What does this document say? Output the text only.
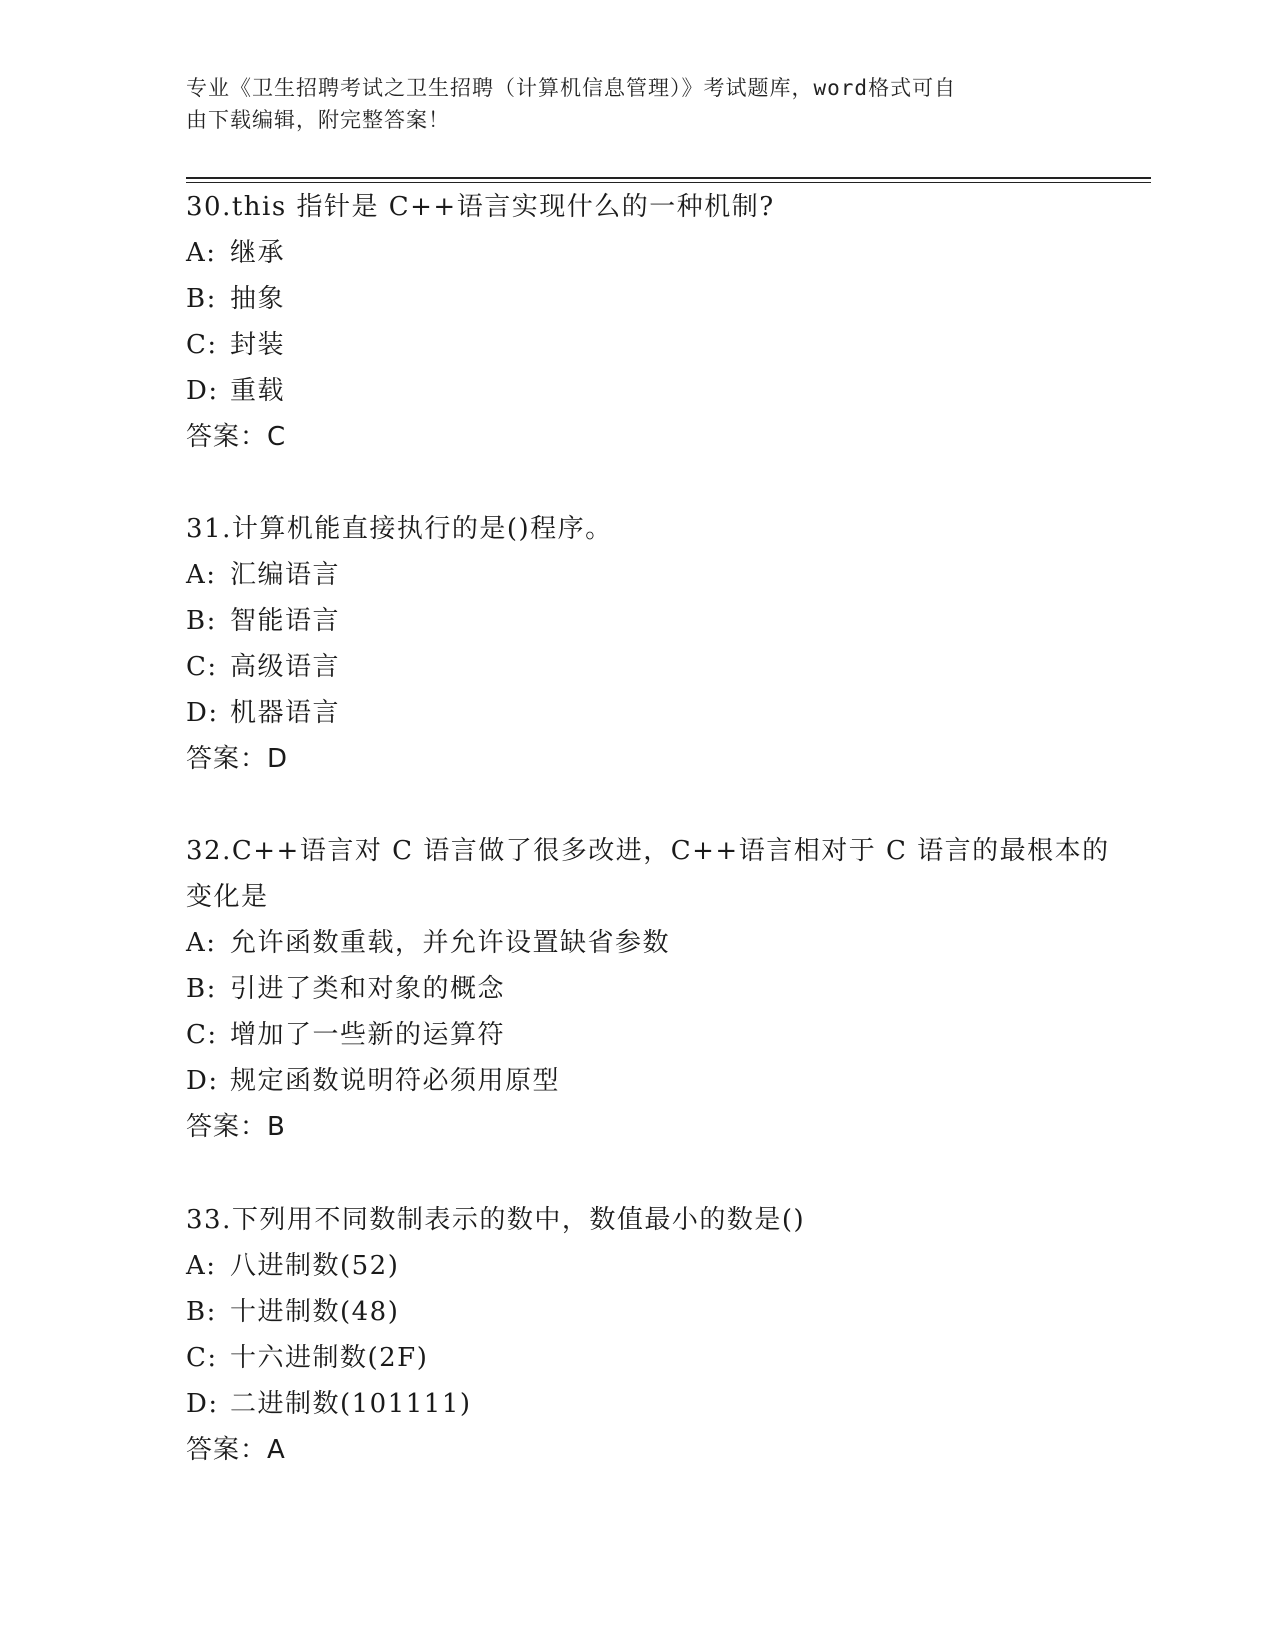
专业《卫生招聘考试之卫生招聘（计算机信息管理）》考试题库，word格式可自

由下载编辑，附完整答案！

30.this 指针是 C++语言实现什么的一种机制?
A: 继承
B: 抽象
C: 封装
D: 重载
答案：C
31.计算机能直接执行的是()程序。
A: 汇编语言
B: 智能语言
C: 高级语言
D: 机器语言
答案：D
32.C++语言对 C 语言做了很多改进，C++语言相对于 C 语言的最根本的
变化是
A: 允许函数重载，并允许设置缺省参数
B: 引进了类和对象的概念
C: 增加了一些新的运算符
D: 规定函数说明符必须用原型
答案：B
33.下列用不同数制表示的数中，数值最小的数是()
A: 八进制数(52)
B: 十进制数(48)
C: 十六进制数(2F)
D: 二进制数(101111)
答案：A
